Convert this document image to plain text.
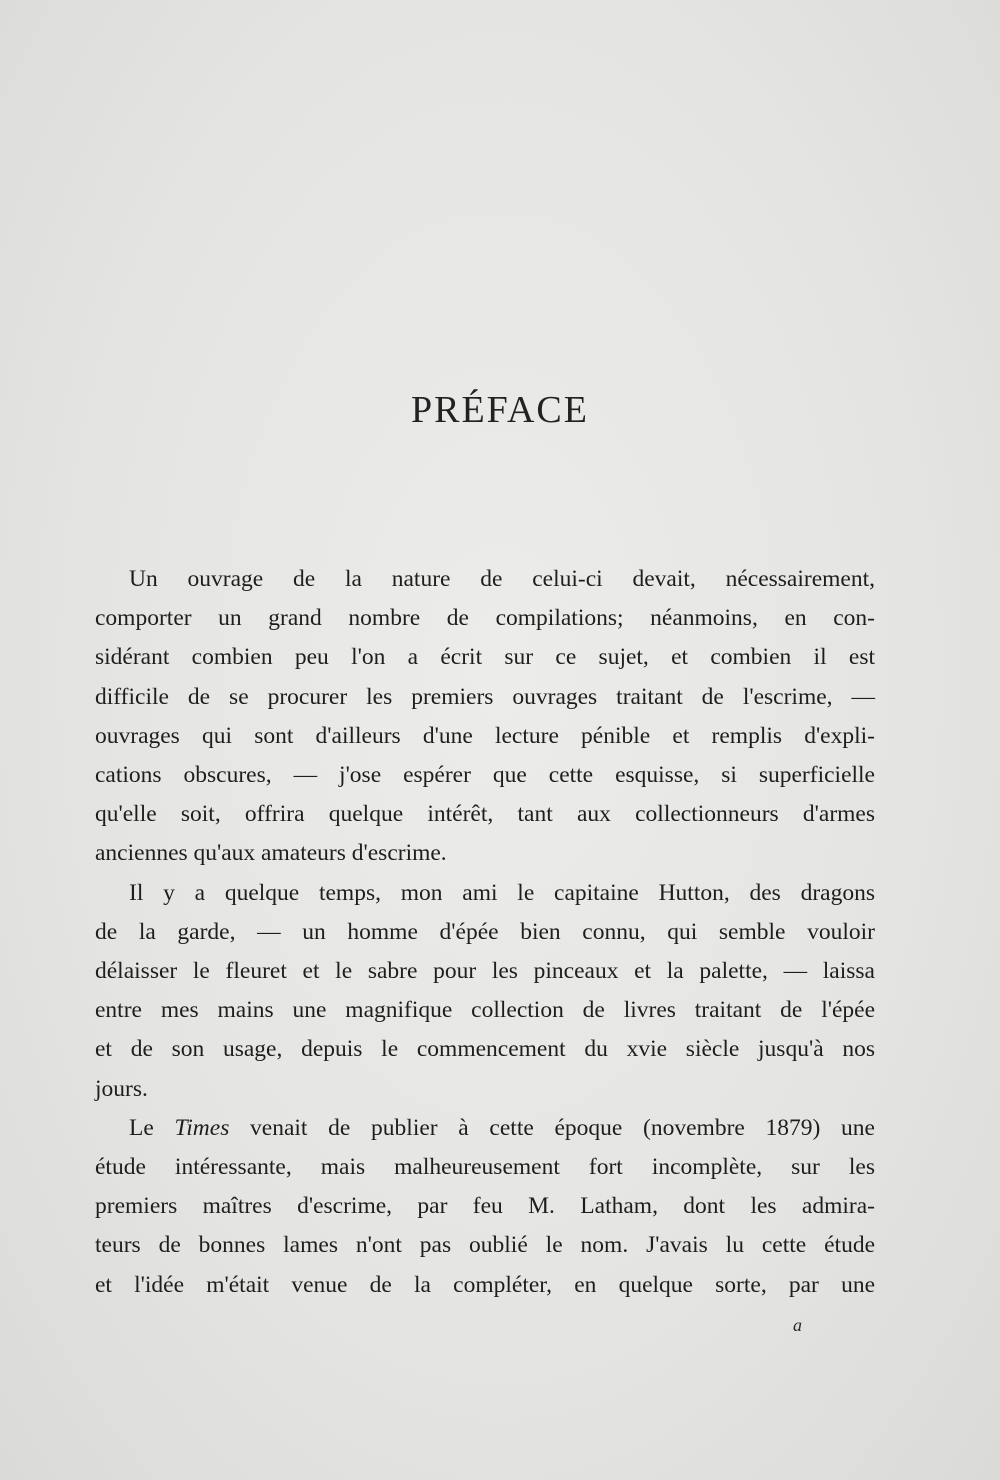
PRÉFACE
Un ouvrage de la nature de celui-ci devait, nécessairement,
comporter un grand nombre de compilations; néanmoins, en con-
sidérant combien peu l'on a écrit sur ce sujet, et combien il est
difficile de se procurer les premiers ouvrages traitant de l'escrime, —
ouvrages qui sont d'ailleurs d'une lecture pénible et remplis d'expli-
cations obscures, — j'ose espérer que cette esquisse, si superficielle
qu'elle soit, offrira quelque intérêt, tant aux collectionneurs d'armes
anciennes qu'aux amateurs d'escrime.
Il y a quelque temps, mon ami le capitaine Hutton, des dragons
de la garde, — un homme d'épée bien connu, qui semble vouloir
délaisser le fleuret et le sabre pour les pinceaux et la palette, — laissa
entre mes mains une magnifique collection de livres traitant de l'épée
et de son usage, depuis le commencement du xvie siècle jusqu'à nos
jours.
Le Times venait de publier à cette époque (novembre 1879) une
étude intéressante, mais malheureusement fort incomplète, sur les
premiers maîtres d'escrime, par feu M. Latham, dont les admira-
teurs de bonnes lames n'ont pas oublié le nom. J'avais lu cette étude
et l'idée m'était venue de la compléter, en quelque sorte, par une
a
